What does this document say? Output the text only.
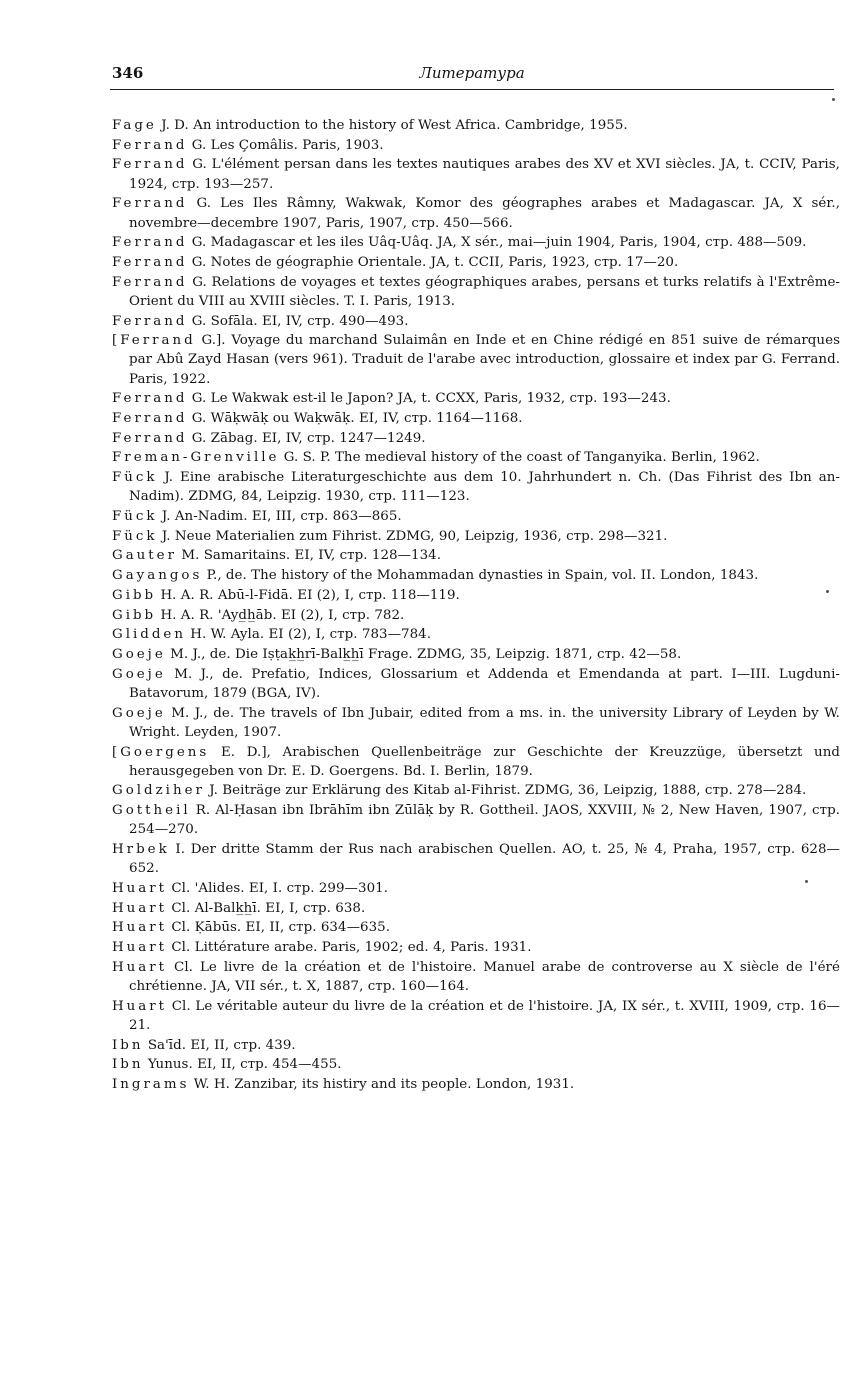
346	Литература

Fage J. D. An introduction to the history of West Africa. Cambridge, 1955.

Ferrand G. Les Çomâlis. Paris, 1903.

Ferrand G. L'élément persan dans les textes nautiques arabes des XV et XVI siècles. JA, t. CCIV, Paris, 1924, стр. 193—257.

Ferrand G. Les Iles Râmny, Wakwak, Komor des géographes arabes et Madagascar. JA, X sér., novembre—decembre 1907, Paris, 1907, стр. 450—566.

Ferrand G. Madagascar et les iles Uâq-Uâq. JA, X sér., mai—juin 1904, Paris, 1904, стр. 488—509.

Ferrand G. Notes de géographie Orientale. JA, t. CCII, Paris, 1923, стр. 17—20.

Ferrand G. Relations de voyages et textes géographiques arabes, persans et turks relatifs à l'Extrême-Orient du VIII au XVIII siècles. T. I. Paris, 1913.

Ferrand G. Sofāla. EI, IV, стр. 490—493.

[Ferrand G.]. Voyage du marchand Sulaimân en Inde et en Chine rédigé en 851 suive de rémarques par Abû Zayd Hasan (vers 961). Traduit de l'arabe avec introduction, glossaire et index par G. Ferrand. Paris, 1922.

Ferrand G. Le Wakwak est-il le Japon? JA, t. CCXX, Paris, 1932, стр. 193—243.

Ferrand G. Wāḳwāḳ ou Waḳwāḳ. EI, IV, стр. 1164—1168.

Ferrand G. Zābag. EI, IV, стр. 1247—1249.

Freman-Grenville G. S. P. The medieval history of the coast of Tanganyika. Berlin, 1962.

Fück J. Eine arabische Literaturgeschichte aus dem 10. Jahrhundert n. Ch. (Das Fihrist des Ibn an-Nadim). ZDMG, 84, Leipzig. 1930, стр. 111—123.

Fück J. An-Nadim. EI, III, стр. 863—865.

Fück J. Neue Materialien zum Fihrist. ZDMG, 90, Leipzig, 1936, стр. 298—321.

Gauter M. Samaritains. EI, IV, стр. 128—134.

Gayangos P., de. The history of the Mohammadan dynasties in Spain, vol. II. London, 1843.

Gibb H. A. R. Abū-l-Fidā. EI (2), I, стр. 118—119.

Gibb H. A. R. 'Ayd̲h̲āb. EI (2), I, стр. 782.

Glidden H. W. Ayla. EI (2), I, стр. 783—784.

Goeje M. J., de. Die Iṣṭak̲h̲rī-Balk̲h̲ī Frage. ZDMG, 35, Leipzig. 1871, стр. 42—58.

Goeje M. J., de. Prefatio, Indices, Glossarium et Addenda et Emendanda at part. I—III. Lugduni-Batavorum, 1879 (BGA, IV).

Goeje M. J., de. The travels of Ibn Jubair, edited from a ms. in. the university Library of Leyden by W. Wright. Leyden, 1907.

[Goergens E. D.], Arabischen Quellenbeiträge zur Geschichte der Kreuzzüge, übersetzt und herausgegeben von Dr. E. D. Goergens. Bd. I. Berlin, 1879.

Goldziher J. Beiträge zur Erklärung des Kitab al-Fihrist. ZDMG, 36, Leipzig, 1888, стр. 278—284.

Gottheil R. Al-Ḥasan ibn Ibrāhīm ibn Zūlāḳ by R. Gottheil. JAOS, XXVIII, № 2, New Haven, 1907, стр. 254—270.

Hrbek I. Der dritte Stamm der Rus nach arabischen Quellen. AO, t. 25, № 4, Praha, 1957, стр. 628—652.

Huart Cl. 'Alides. EI, I. стр. 299—301.

Huart Cl. Al-Balk̲h̲ī. EI, I, стр. 638.

Huart Cl. Ḳābūs. EI, II, стр. 634—635.

Huart Cl. Littérature arabe. Paris, 1902; ed. 4, Paris. 1931.

Huart Cl. Le livre de la création et de l'histoire. Manuel arabe de controverse au X siècle de l'éré chrétienne. JA, VII sér., t. X, 1887, стр. 160—164.

Huart Cl. Le véritable auteur du livre de la création et de l'histoire. JA, IX sér., t. XVIII, 1909, стр. 16—21.

Ibn Sa'īd. EI, II, стр. 439.

Ibn Yunus. EI, II, стр. 454—455.

Ingrams W. H. Zanzibar, its histiry and its people. London, 1931.
